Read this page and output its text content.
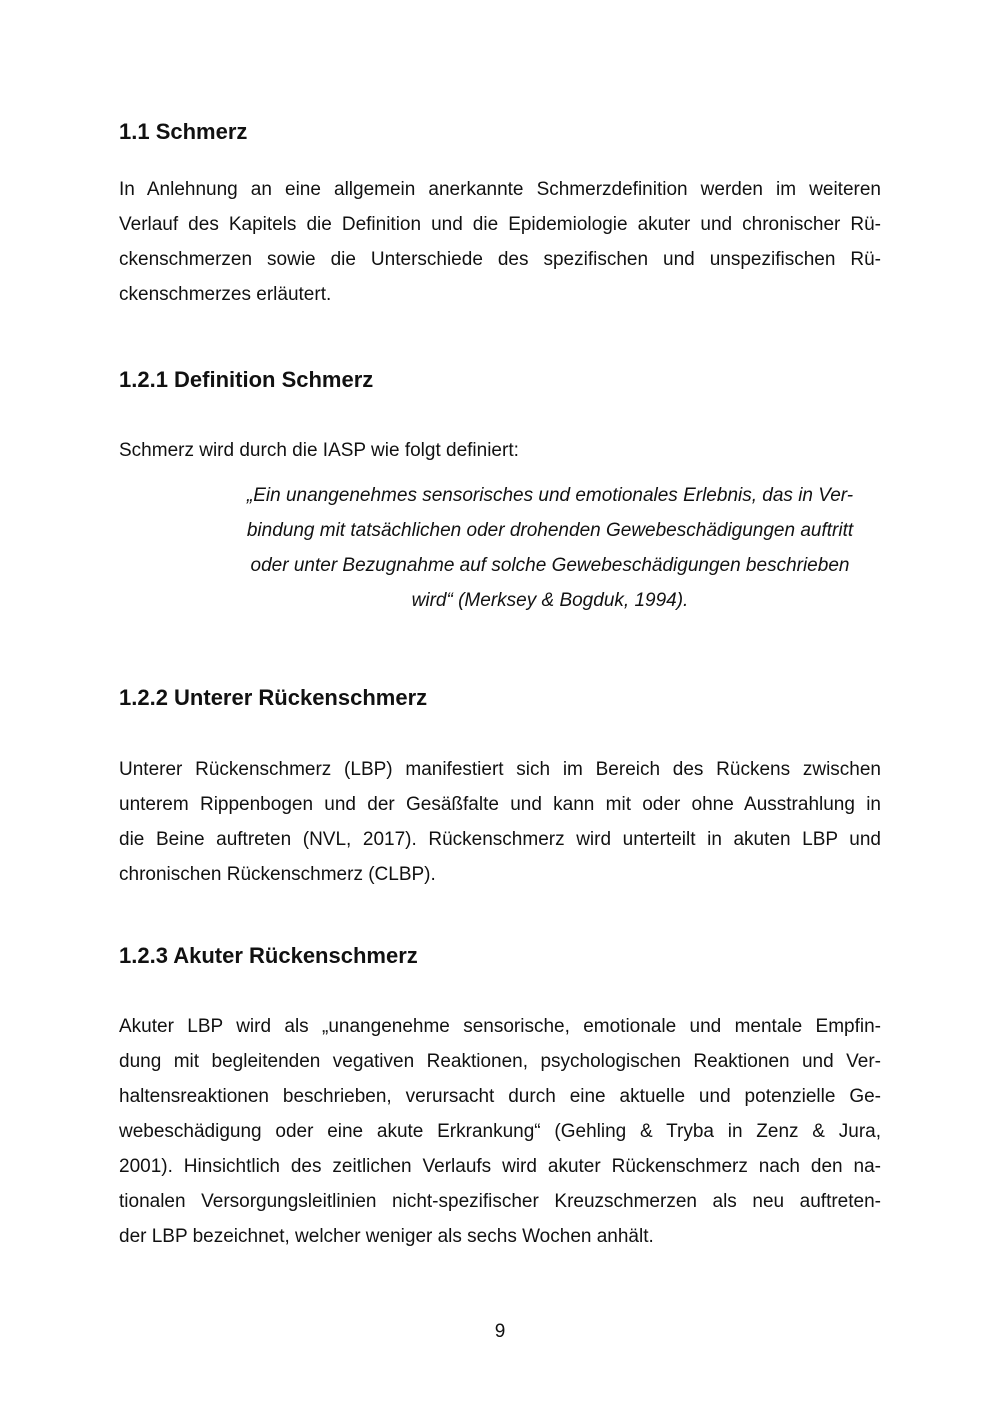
1.1 Schmerz
In Anlehnung an eine allgemein anerkannte Schmerzdefinition werden im weiteren
Verlauf des Kapitels die Definition und die Epidemiologie akuter und chronischer Rü-
ckenschmerzen sowie die Unterschiede des spezifischen und unspezifischen Rü-
ckenschmerzes erläutert.
1.2.1 Definition Schmerz
Schmerz wird durch die IASP wie folgt definiert:
„Ein unangenehmes sensorisches und emotionales Erlebnis, das in Ver-
bindung mit tatsächlichen oder drohenden Gewebeschädigungen auftritt
oder unter Bezugnahme auf solche Gewebeschädigungen beschrieben
wird“ (Merksey & Bogduk, 1994).
1.2.2 Unterer Rückenschmerz
Unterer Rückenschmerz (LBP) manifestiert sich im Bereich des Rückens zwischen
unterem Rippenbogen und der Gesäßfalte und kann mit oder ohne Ausstrahlung in
die Beine auftreten (NVL, 2017). Rückenschmerz wird unterteilt in akuten LBP und
chronischen Rückenschmerz (CLBP).
1.2.3 Akuter Rückenschmerz
Akuter LBP wird als „unangenehme sensorische, emotionale und mentale Empfin-
dung mit begleitenden vegativen Reaktionen, psychologischen Reaktionen und Ver-
haltensreaktionen beschrieben, verursacht durch eine aktuelle und potenzielle Ge-
webeschädigung oder eine akute Erkrankung“ (Gehling & Tryba in Zenz & Jura,
2001). Hinsichtlich des zeitlichen Verlaufs wird akuter Rückenschmerz nach den na-
tionalen Versorgungsleitlinien nicht-spezifischer Kreuzschmerzen als neu auftreten-
der LBP bezeichnet, welcher weniger als sechs Wochen anhält.
9
